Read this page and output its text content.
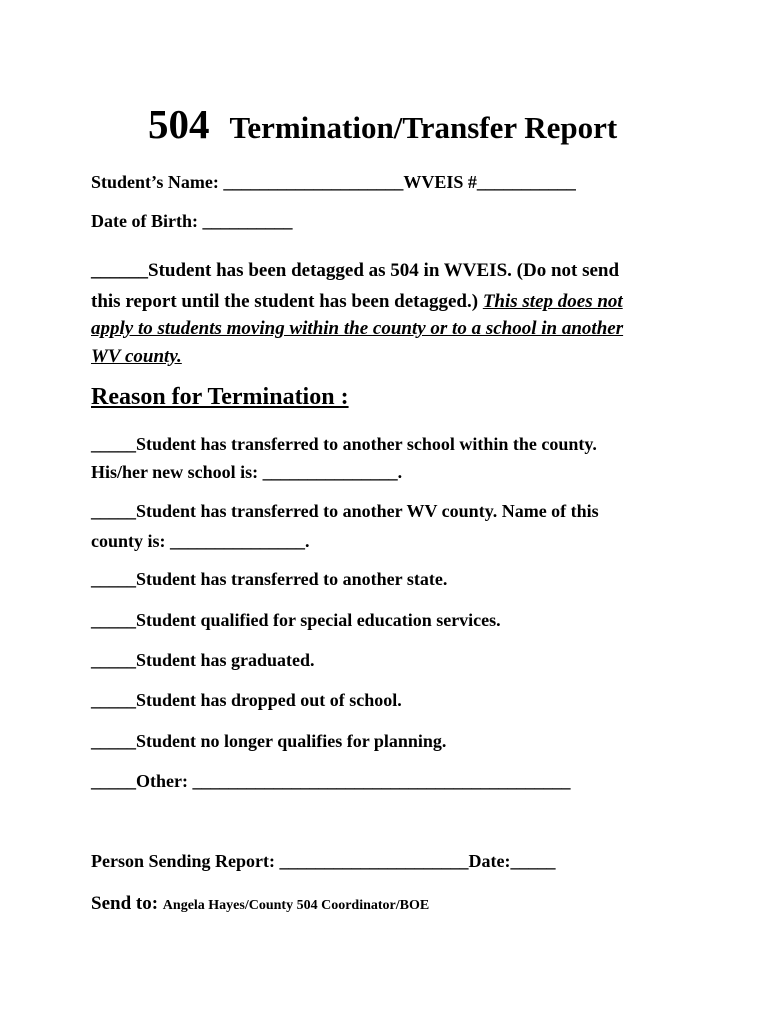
504 Termination/Transfer Report
Student’s Name: ____________________WVEIS #___________
Date of Birth: __________
______Student has been detagged as 504 in WVEIS. (Do not send
this report until the student has been detagged.) This step does not
apply to students moving within the county or to a school in another
WV county.
Reason for Termination :
_____Student has transferred to another school within the county.
His/her new school is: _______________.
_____Student has transferred to another WV county. Name of this
county is: _______________.
_____Student has transferred to another state.
_____Student qualified for special education services.
_____Student has graduated.
_____Student has dropped out of school.
_____Student no longer qualifies for planning.
_____Other: __________________________________________
Person Sending Report: _____________________Date:_____
Send to: Angela Hayes/County 504 Coordinator/BOE
